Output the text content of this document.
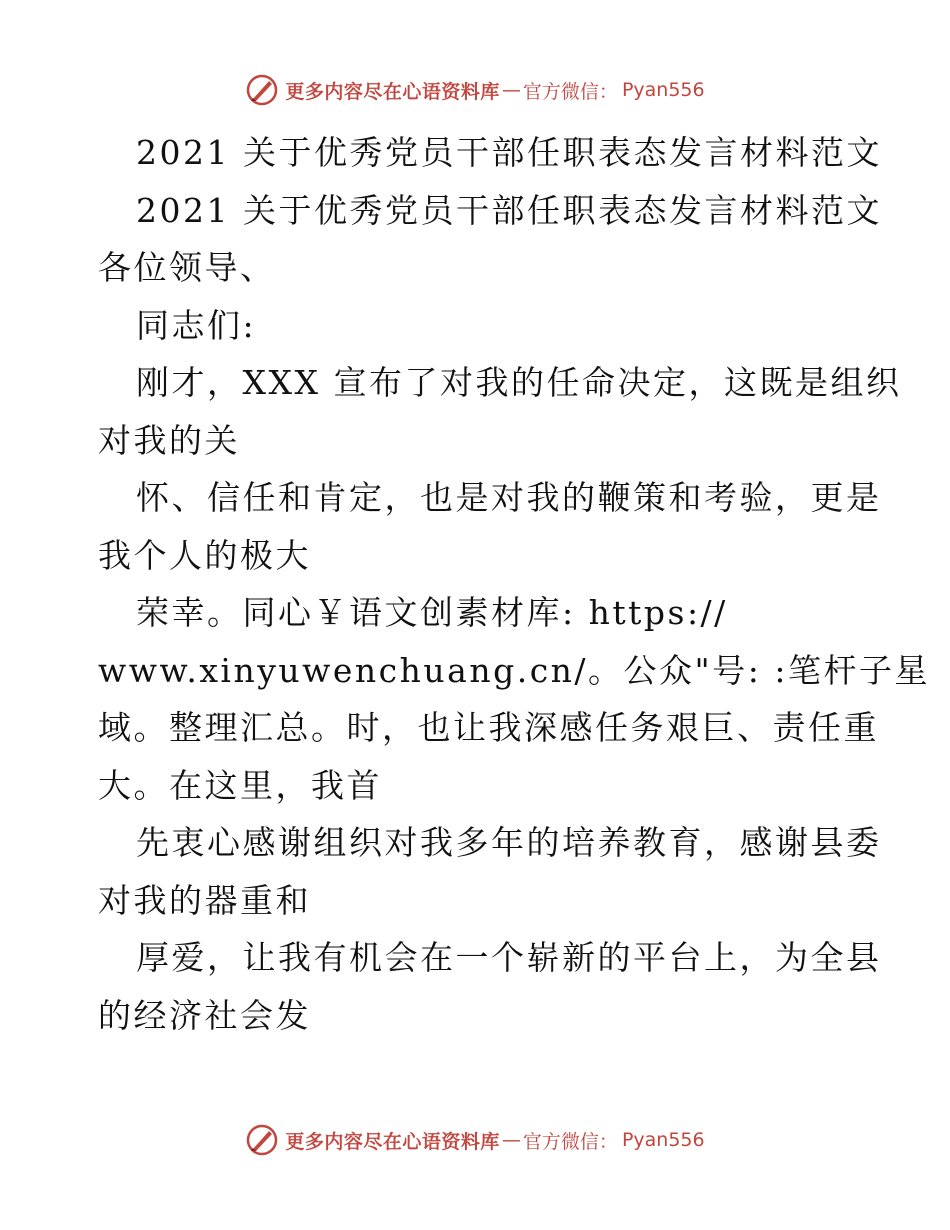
更多内容尽在心语资料库 — 官方微信： Pyan556
2021 关于优秀党员干部任职表态发言材料范文
2021 关于优秀党员干部任职表态发言材料范文
各位领导、
同志们:
刚才，XXX 宣布了对我的任命决定，这既是组织
对我的关
怀、信任和肯定，也是对我的鞭策和考验，更是
我个人的极大
荣幸。同心￥语文创素材库: https://
www.xinyuwenchuang.cn/。公众"号: :笔杆子星
域。整理汇总。时，也让我深感任务艰巨、责任重
大。在这里，我首
先衷心感谢组织对我多年的培养教育，感谢县委
对我的器重和
厚爱，让我有机会在一个崭新的平台上，为全县
的经济社会发
更多内容尽在心语资料库 — 官方微信： Pyan556
